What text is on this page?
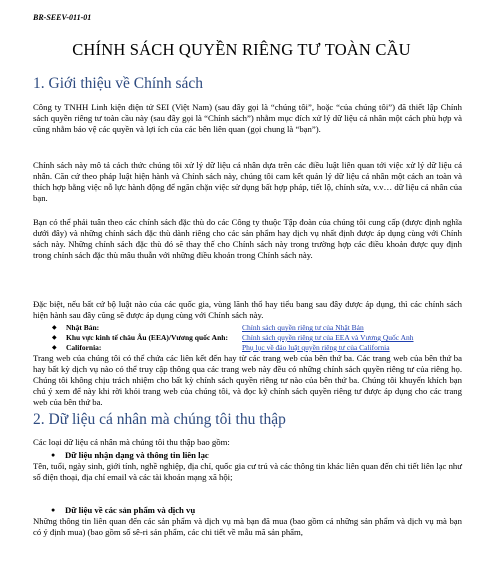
BR-SEEV-011-01
CHÍNH SÁCH QUYỀN RIÊNG TƯ TOÀN CẦU
1. Giới thiệu về Chính sách
Công ty TNHH Linh kiện điện tử SEI (Việt Nam) (sau đây gọi là “chúng tôi”, hoặc “của chúng tôi”) đã thiết lập Chính sách quyền riêng tư toàn cầu này (sau đây gọi là “Chính sách”) nhằm mục đích xử lý dữ liệu cá nhân một cách phù hợp và cũng nhằm bảo vệ các quyền và lợi ích của các bên liên quan (gọi chung là “bạn”).
Chính sách này mô tả cách thức chúng tôi xử lý dữ liệu cá nhân dựa trên các điều luật liên quan tới việc xử lý dữ liệu cá nhân. Căn cứ theo pháp luật hiện hành và Chính sách này, chúng tôi cam kết quản lý dữ liệu cá nhân một cách an toàn và thích hợp bằng việc nỗ lực hành động để ngăn chặn việc sử dụng bất hợp pháp, tiết lộ, chỉnh sửa, v.v… dữ liệu cá nhân của bạn.
Bạn có thể phải tuân theo các chính sách đặc thù do các Công ty thuộc Tập đoàn của chúng tôi cung cấp (được định nghĩa dưới đây) và những chính sách đặc thù dành riêng cho các sản phẩm hay dịch vụ nhất định được áp dụng cùng với Chính sách này. Những chính sách đặc thù đó sẽ thay thế cho Chính sách này trong trường hợp các điều khoản được quy định trong chính sách đặc thù mâu thuẫn với những điều khoản trong Chính sách này.
Đặc biệt, nếu bất cứ bộ luật nào của các quốc gia, vùng lãnh thổ hay tiểu bang sau đây được áp dụng, thì các chính sách hiện hành sau đây cũng sẽ được áp dụng cùng với Chính sách này.
◆	Nhật Bản:	Chính sách quyền riêng tư của Nhật Bản
◆	Khu vực kinh tế châu Âu (EEA)/Vương quốc Anh:	Chính sách quyền riêng tư của EEA và Vương Quốc Anh
◆	California:	Phụ lục về đảo luật quyền riêng tư của California
Trang web của chúng tôi có thể chứa các liên kết đến hay từ các trang web của bên thứ ba. Các trang web của bên thứ ba hay bất kỳ dịch vụ nào có thể truy cập thông qua các trang web này đều có những chính sách quyền riêng tư của riêng họ. Chúng tôi không chịu trách nhiệm cho bất kỳ chính sách quyền riêng tư nào của bên thứ ba. Chúng tôi khuyến khích bạn chú ý xem để này khi rời khỏi trang web của chúng tôi, và đọc kỹ chính sách quyền riêng tư được áp dụng cho các trang web của bên thứ ba.
2. Dữ liệu cá nhân mà chúng tôi thu thập
Các loại dữ liệu cá nhân mà chúng tôi thu thập bao gồm:
●	Dữ liệu nhận dạng và thông tin liên lạc
Tên, tuổi, ngày sinh, giới tính, nghề nghiệp, địa chỉ, quốc gia cư trú và các thông tin khác liên quan đến chi tiết liên lạc như số điện thoại, địa chỉ email và các tài khoản mạng xã hội;
●	Dữ liệu về các sản phẩm và dịch vụ
Những thông tin liên quan đến các sản phẩm và dịch vụ mà bạn đã mua (bao gồm cả những sản phẩm và dịch vụ mà bạn có ý định mua) (bao gồm số sê-ri sản phẩm, các chi tiết về mẫu mã sản phẩm,
